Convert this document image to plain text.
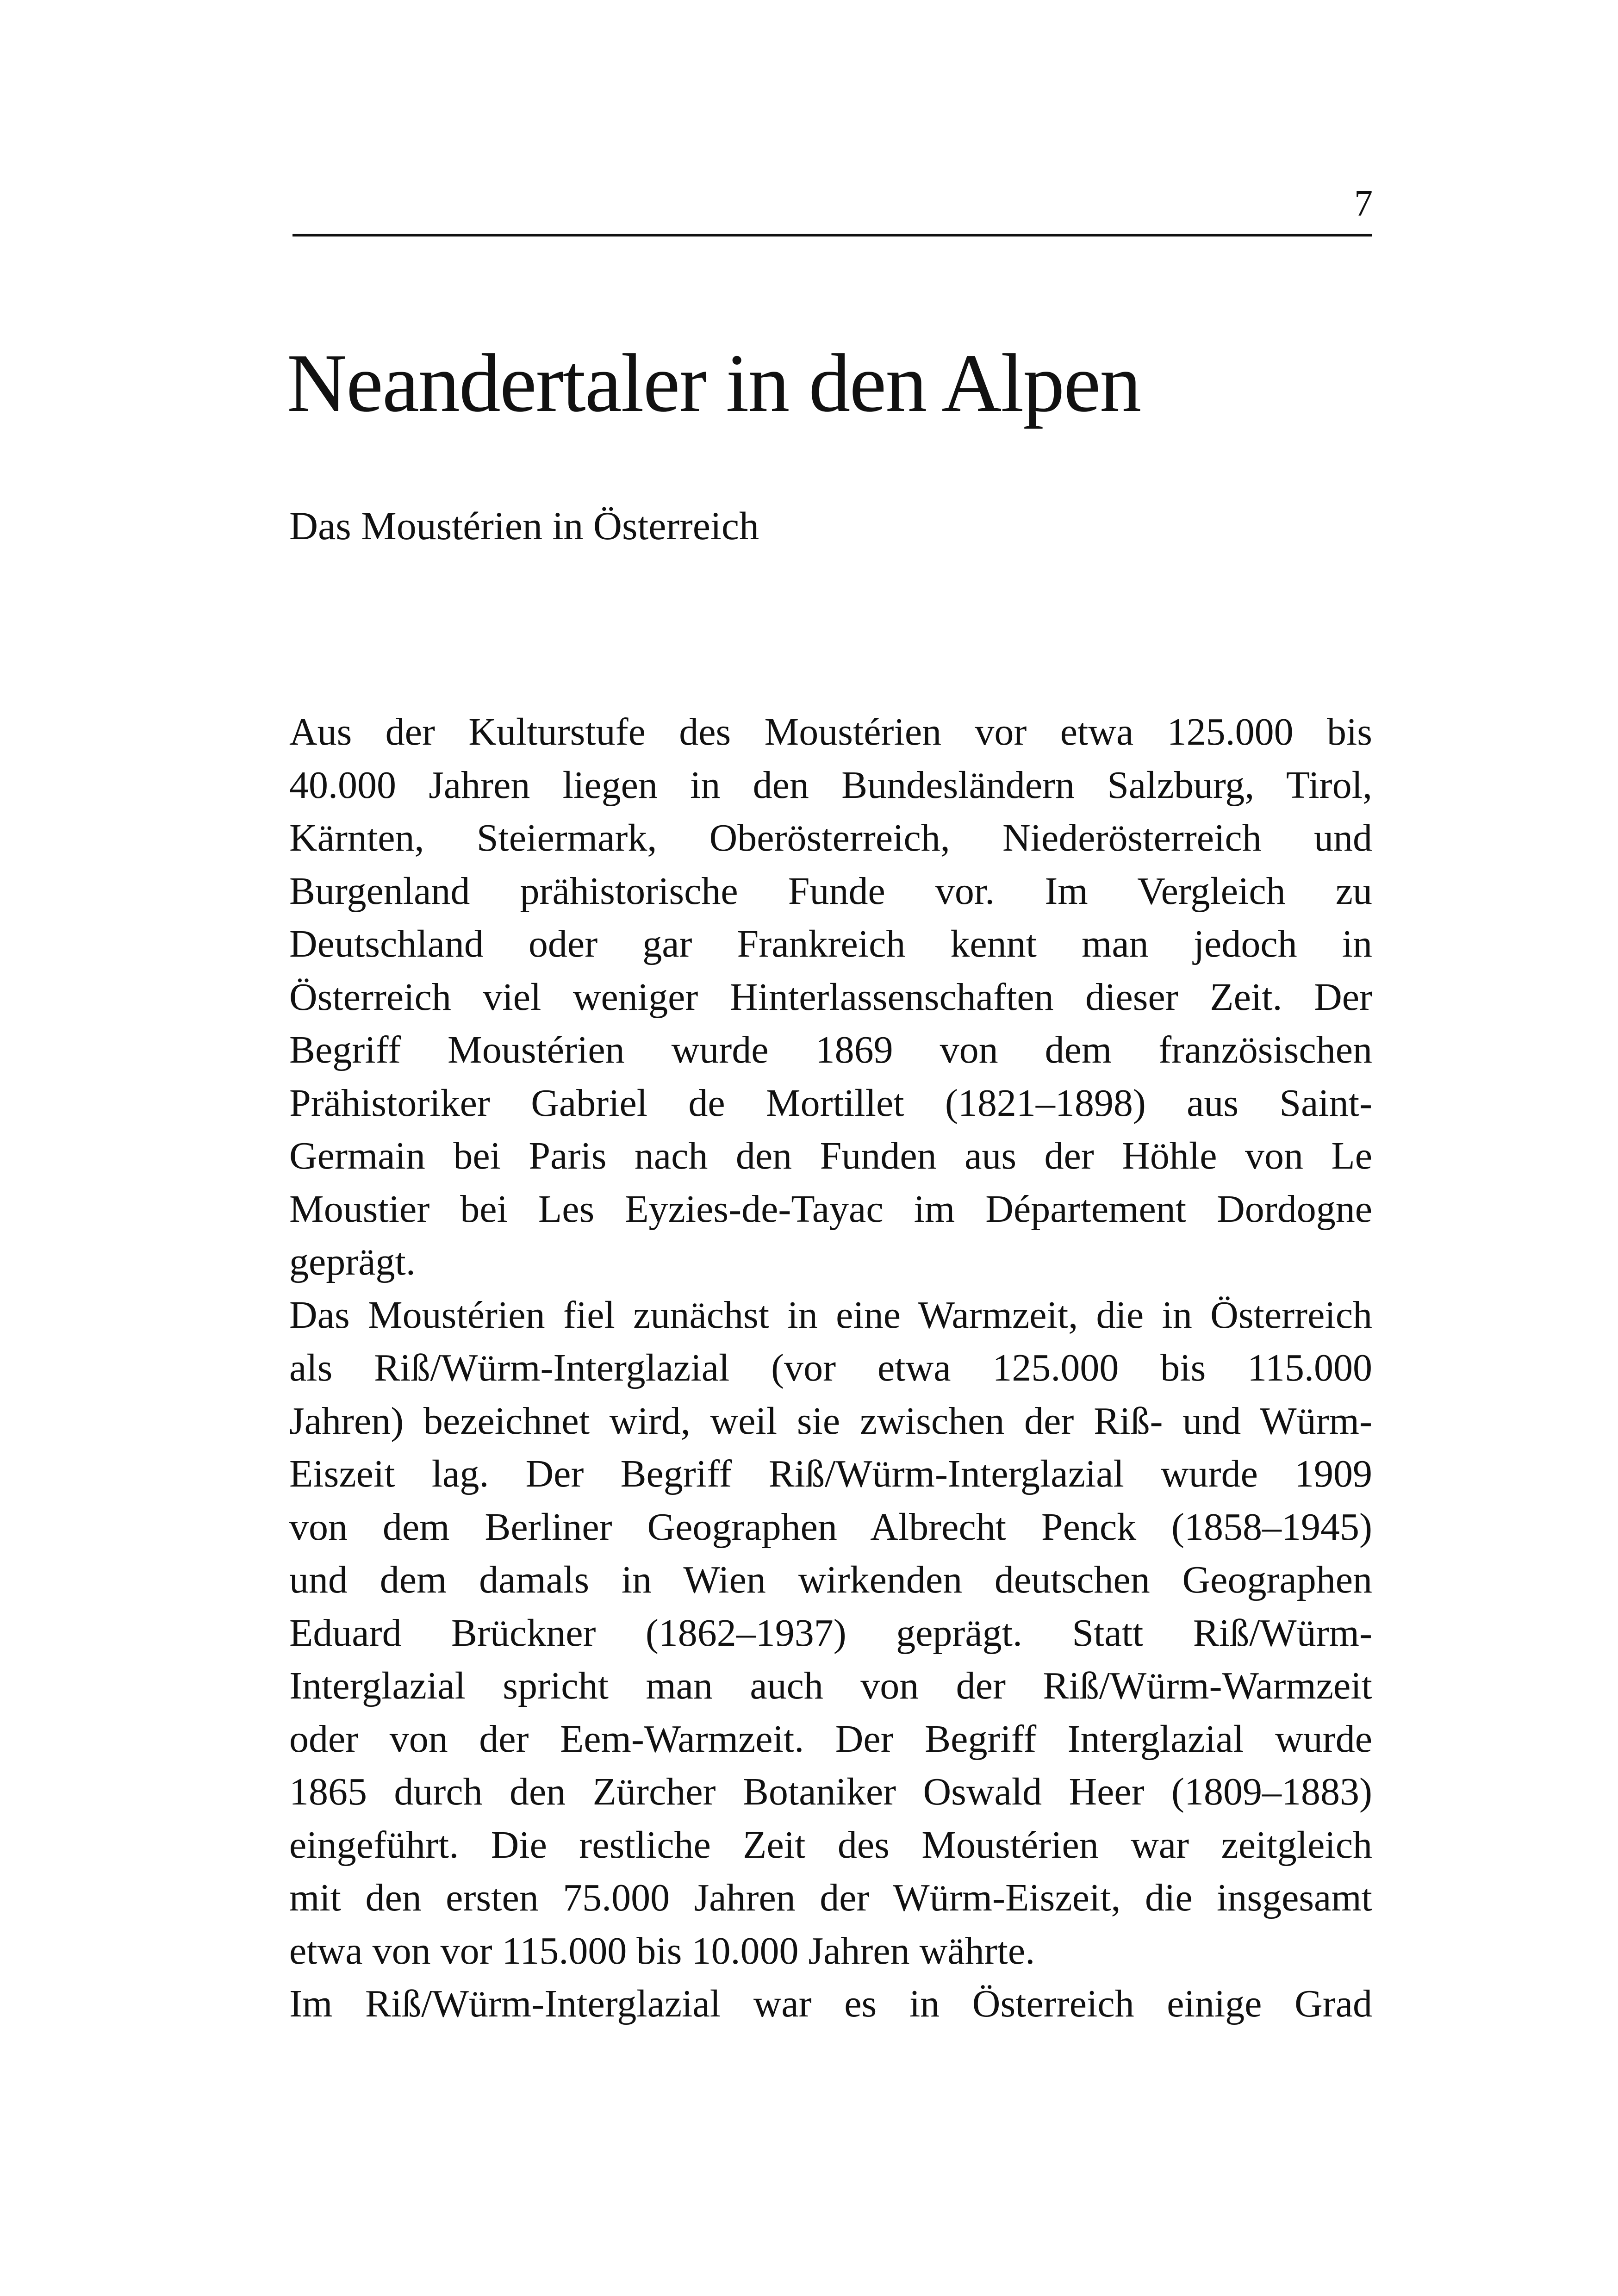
7
Neandertaler in den Alpen
Das Moustérien in Österreich

Aus der Kulturstufe des Moustérien vor etwa 125.000 bis
40.000 Jahren liegen in den Bundesländern Salzburg, Tirol,
Kärnten, Steiermark, Oberösterreich, Niederösterreich und
Burgenland prähistorische Funde vor. Im Vergleich zu
Deutschland oder gar Frankreich kennt man jedoch in
Österreich viel weniger Hinterlassenschaften dieser Zeit. Der
Begriff Moustérien wurde 1869 von dem französischen
Prähistoriker Gabriel de Mortillet (1821–1898) aus Saint-
Germain bei Paris nach den Funden aus der Höhle von Le
Moustier bei Les Eyzies-de-Tayac im Département Dordogne
geprägt.

Das Moustérien fiel zunächst in eine Warmzeit, die in Österreich
als Riß/Würm-Interglazial (vor etwa 125.000 bis 115.000
Jahren) bezeichnet wird, weil sie zwischen der Riß- und Würm-
Eiszeit lag. Der Begriff Riß/Würm-Interglazial wurde 1909
von dem Berliner Geographen Albrecht Penck (1858–1945)
und dem damals in Wien wirkenden deutschen Geographen
Eduard Brückner (1862–1937) geprägt. Statt Riß/Würm-
Interglazial spricht man auch von der Riß/Würm-Warmzeit
oder von der Eem-Warmzeit. Der Begriff Interglazial wurde
1865 durch den Zürcher Botaniker Oswald Heer (1809–1883)
eingeführt. Die restliche Zeit des Moustérien war zeitgleich
mit den ersten 75.000 Jahren der Würm-Eiszeit, die insgesamt
etwa von vor 115.000 bis 10.000 Jahren währte.

Im Riß/Würm-Interglazial war es in Österreich einige Grad
